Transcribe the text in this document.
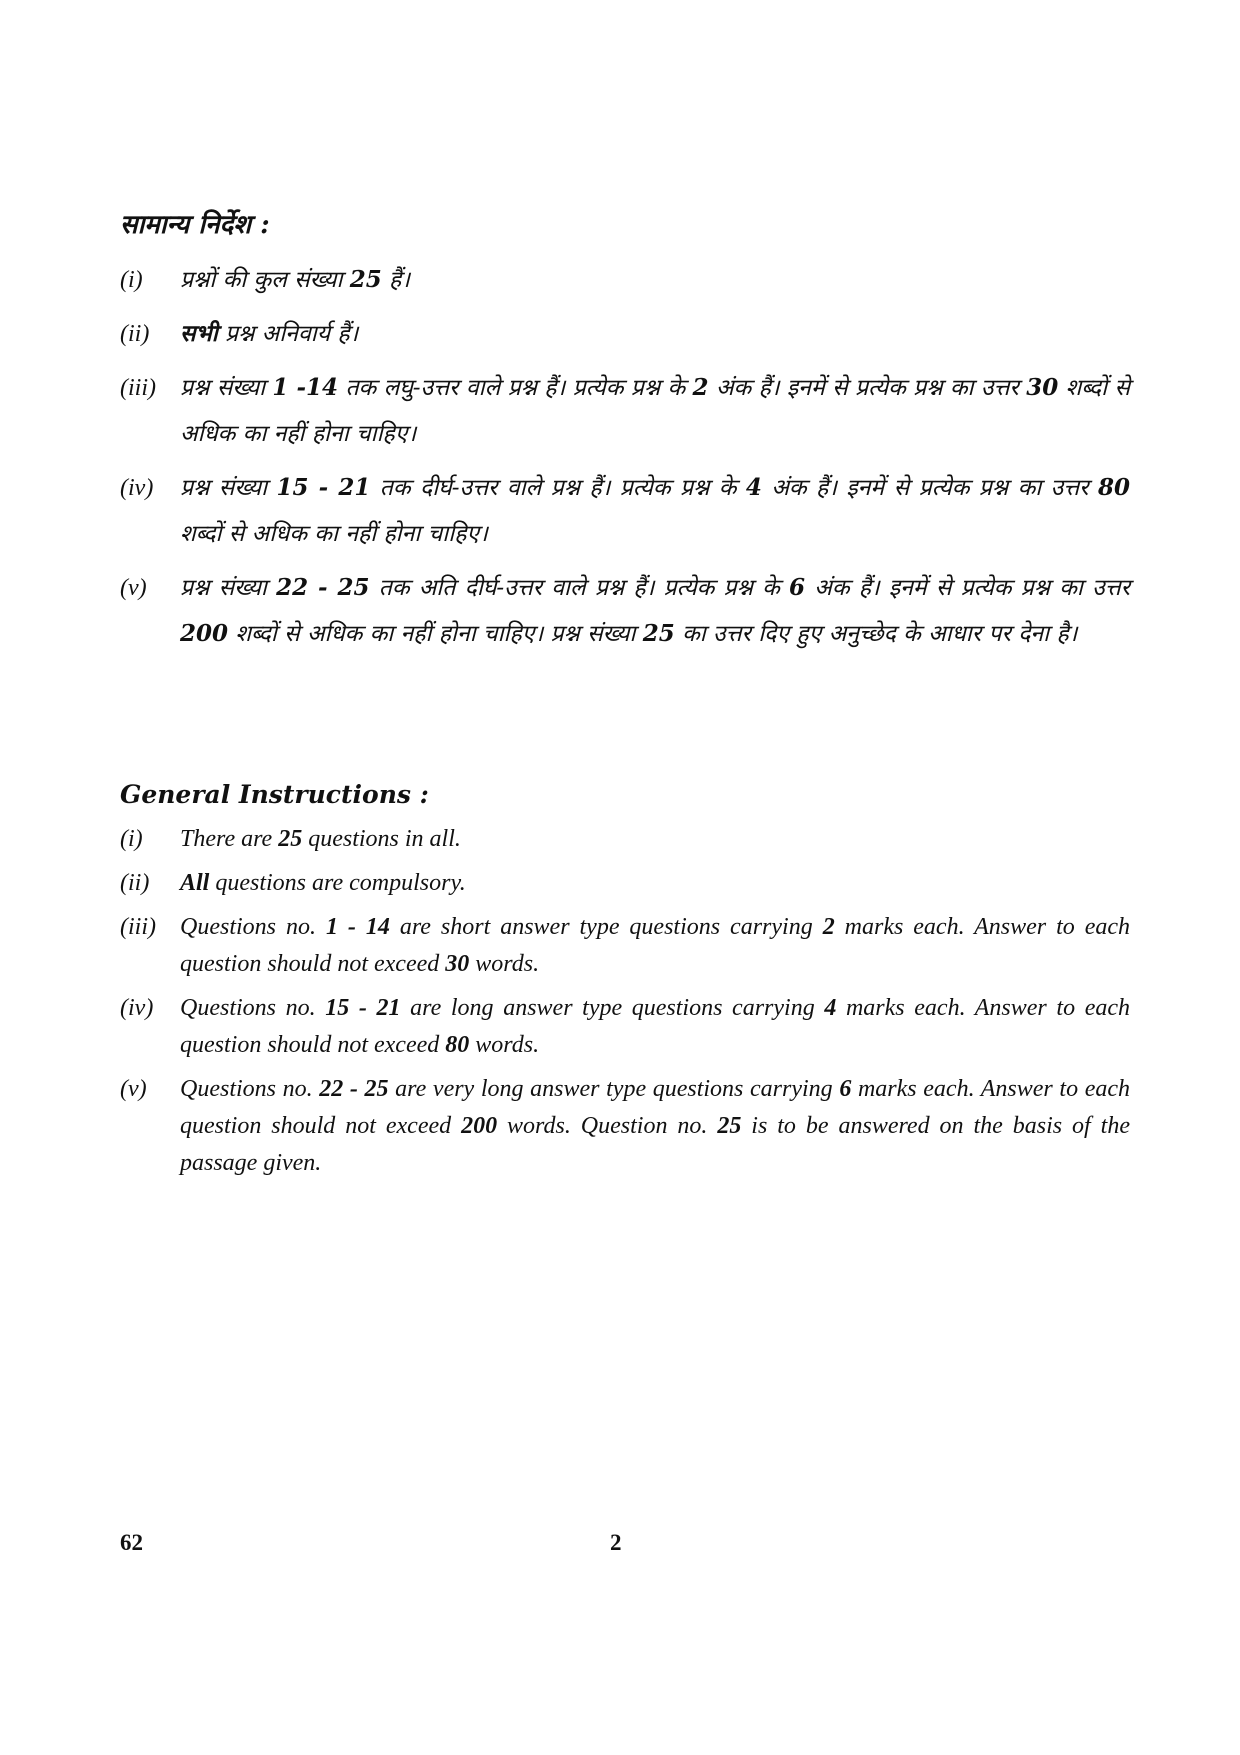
सामान्य निर्देश :
(i)	प्रश्नों की कुल संख्या 25 हैं।
(ii)	सभी प्रश्न अनिवार्य हैं।
(iii)	प्रश्न संख्या 1 -14 तक लघु-उत्तर वाले प्रश्न हैं। प्रत्येक प्रश्न के 2 अंक हैं। इनमें से प्रत्येक प्रश्न का उत्तर 30 शब्दों से अधिक का नहीं होना चाहिए।
(iv)	प्रश्न संख्या 15 - 21 तक दीर्घ-उत्तर वाले प्रश्न हैं। प्रत्येक प्रश्न के 4 अंक हैं। इनमें से प्रत्येक प्रश्न का उत्तर 80 शब्दों से अधिक का नहीं होना चाहिए।
(v)	प्रश्न संख्या 22 - 25 तक अति दीर्घ-उत्तर वाले प्रश्न हैं। प्रत्येक प्रश्न के 6 अंक हैं। इनमें से प्रत्येक प्रश्न का उत्तर 200 शब्दों से अधिक का नहीं होना चाहिए। प्रश्न संख्या 25 का उत्तर दिए हुए अनुच्छेद के आधार पर देना है।
General Instructions :
(i)	There are 25 questions in all.
(ii)	All questions are compulsory.
(iii)	Questions no. 1 - 14 are short answer type questions carrying 2 marks each. Answer to each question should not exceed 30 words.
(iv)	Questions no. 15 - 21 are long answer type questions carrying 4 marks each. Answer to each question should not exceed 80 words.
(v)	Questions no. 22 - 25 are very long answer type questions carrying 6 marks each. Answer to each question should not exceed 200 words. Question no. 25 is to be answered on the basis of the passage given.
62	2
